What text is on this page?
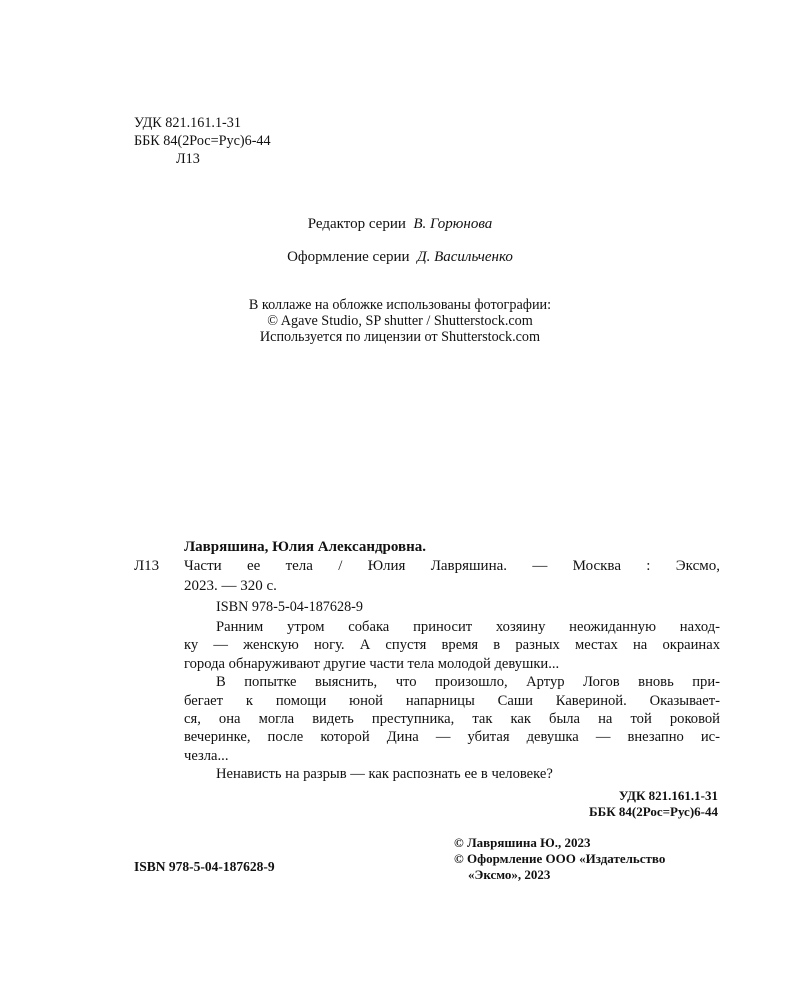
УДК 821.161.1-31
ББК 84(2Рос=Рус)6-44
Л13
Редактор серии В. Горюнова
Оформление серии Д. Васильченко
В коллаже на обложке использованы фотографии:
© Agave Studio, SP shutter / Shutterstock.com
Используется по лицензии от Shutterstock.com
Лавряшина, Юлия Александровна.
Л13 Части ее тела / Юлия Лавряшина. — Москва : Эксмо,
2023. — 320 с.
ISBN 978-5-04-187628-9

Ранним утром собака приносит хозяину неожиданную наход-

ку — женскую ногу. А спустя время в разных местах на окраинах

города обнаруживают другие части тела молодой девушки...

В попытке выяснить, что произошло, Артур Логов вновь при-

бегает к помощи юной напарницы Саши Кавериной. Оказывает-

ся, она могла видеть преступника, так как была на той роковой

вечеринке, после которой Дина — убитая девушка — внезапно ис-

чезла...

Ненависть на разрыв — как распознать ее в человеке?

УДК 821.161.1-31
ББК 84(2Рос=Рус)6-44
ISBN 978-5-04-187628-9
© Лавряшина Ю., 2023
© Оформление ООО «Издательство
«Эксмо», 2023
